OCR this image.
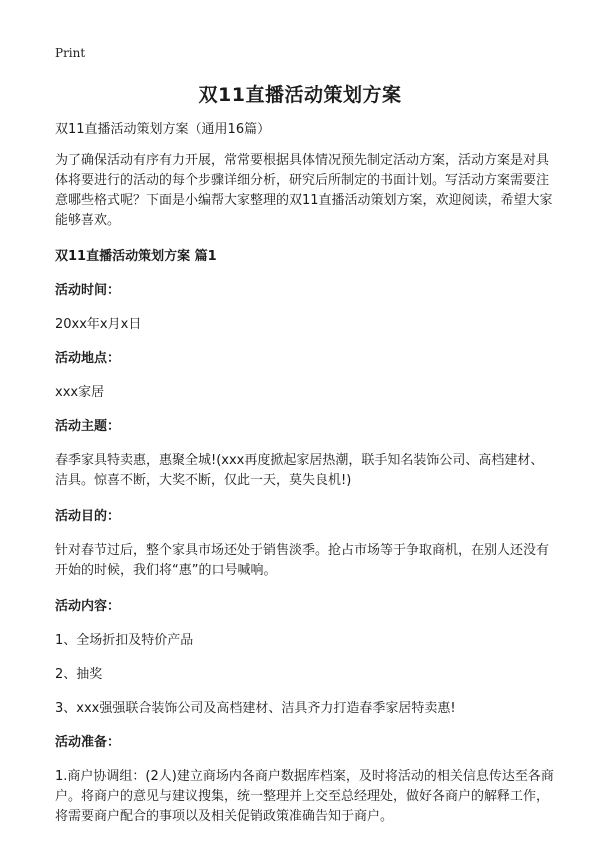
Print
双11直播活动策划方案

双11直播活动策划方案（通用16篇）

为了确保活动有序有力开展，常常要根据具体情况预先制定活动方案，活动方案是对具体将要进行的活动的每个步骤详细分析，研究后所制定的书面计划。写活动方案需要注意哪些格式呢？下面是小编帮大家整理的双11直播活动策划方案，欢迎阅读，希望大家能够喜欢。

双11直播活动策划方案 篇1

活动时间：

20xx年x月x日

活动地点：

xxx家居

活动主题：

春季家具特卖惠，惠聚全城!(xxx再度掀起家居热潮，联手知名装饰公司、高档建材、洁具。惊喜不断，大奖不断，仅此一天，莫失良机!)

活动目的：

针对春节过后，整个家具市场还处于销售淡季。抢占市场等于争取商机，在别人还没有开始的时候，我们将“惠”的口号喊响。

活动内容：

1、全场折扣及特价产品

2、抽奖

3、xxx强强联合装饰公司及高档建材、洁具齐力打造春季家居特卖惠!

活动准备：

1.商户协调组：(2人)建立商场内各商户数据库档案，及时将活动的相关信息传达至各商户。将商户的意见与建议搜集，统一整理并上交至总经理处，做好各商户的解释工作，将需要商户配合的事项以及相关促销政策准确告知于商户。
